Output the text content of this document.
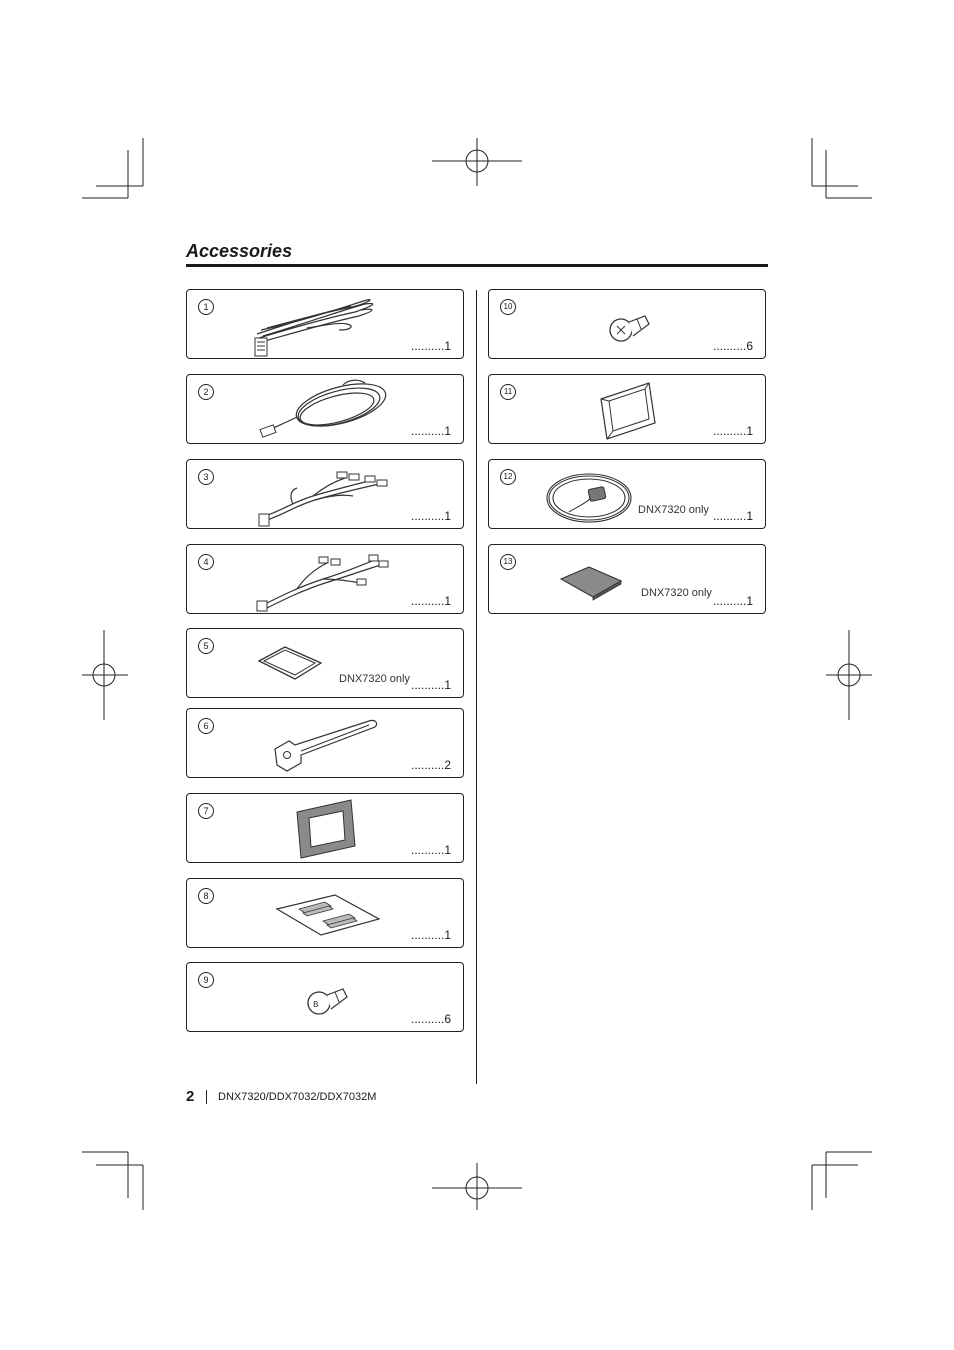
Accessories
1
..........1
2
..........1
3
..........1
4
..........1
5
DNX7320 only ..........1
6
..........2
7
..........1
8
..........1
9
B
..........6
10
..........6
11
..........1
12
DNX7320 only ..........1
13
DNX7320 only
..........1
2 DNX7320/DDX7032/DDX7032M
